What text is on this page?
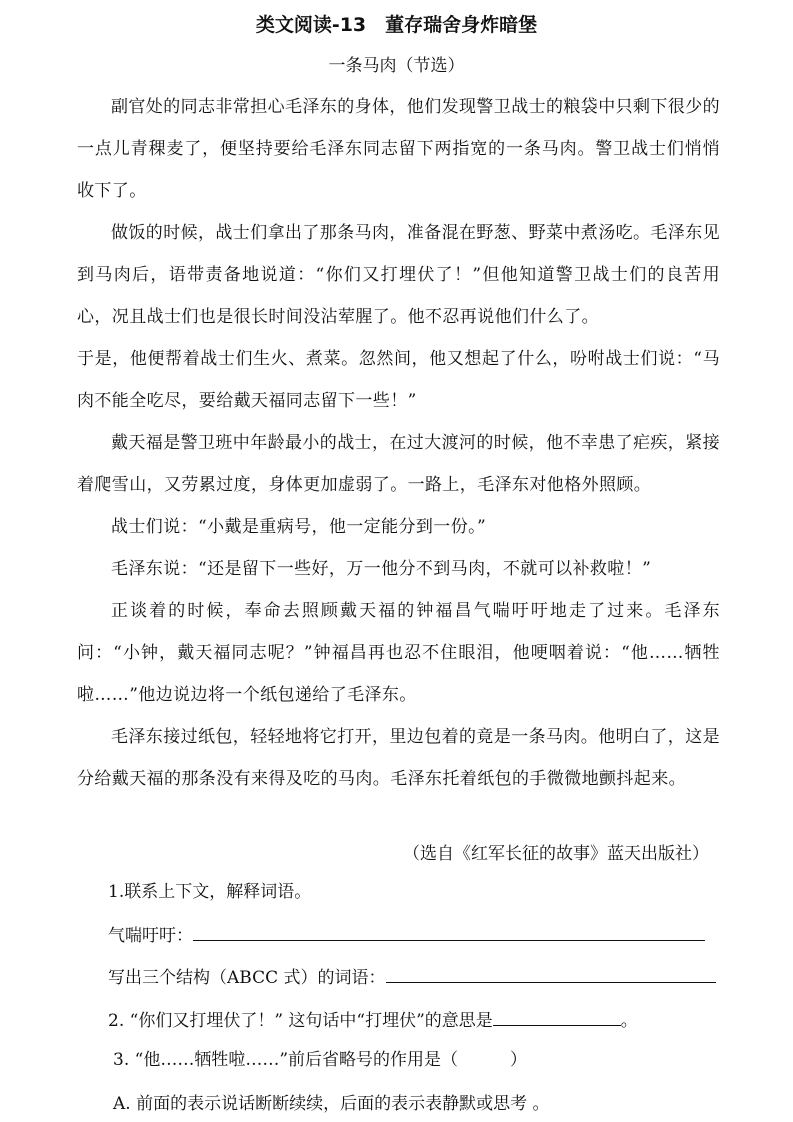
类文阅读-13　董存瑞舍身炸暗堡
一条马肉（节选）

副官处的同志非常担心毛泽东的身体，他们发现警卫战士的粮袋中只剩下很少的一点儿青稞麦了，便坚持要给毛泽东同志留下两指宽的一条马肉。警卫战士们悄悄收下了。

做饭的时候，战士们拿出了那条马肉，准备混在野葱、野菜中煮汤吃。毛泽东见到马肉后，语带责备地说道：“你们又打埋伏了！”但他知道警卫战士们的良苦用心，况且战士们也是很长时间没沾荤腥了。他不忍再说他们什么了。

于是，他便帮着战士们生火、煮菜。忽然间，他又想起了什么，吩咐战士们说：“马肉不能全吃尽，要给戴天福同志留下一些！”

戴天福是警卫班中年龄最小的战士，在过大渡河的时候，他不幸患了疟疾，紧接着爬雪山，又劳累过度，身体更加虚弱了。一路上，毛泽东对他格外照顾。

战士们说：“小戴是重病号，他一定能分到一份。”

毛泽东说：“还是留下一些好，万一他分不到马肉，不就可以补救啦！”

正谈着的时候，奉命去照顾戴天福的钟福昌气喘吁吁地走了过来。毛泽东问：“小钟，戴天福同志呢？”钟福昌再也忍不住眼泪，他哽咽着说：“他……牺牲啦……”他边说边将一个纸包递给了毛泽东。

毛泽东接过纸包，轻轻地将它打开，里边包着的竟是一条马肉。他明白了，这是分给戴天福的那条没有来得及吃的马肉。毛泽东托着纸包的手微微地颤抖起来。

（选自《红军长征的故事》蓝天出版社）
1.联系上下文，解释词语。
气喘吁吁：
写出三个结构（ABCC 式）的词语：
2. “你们又打埋伏了！” 这句话中“打埋伏”的意思是	。
3. “他……牺牲啦……”前后省略号的作用是（	）
A. 前面的表示说话断断续续，后面的表示表静默或思考 。
